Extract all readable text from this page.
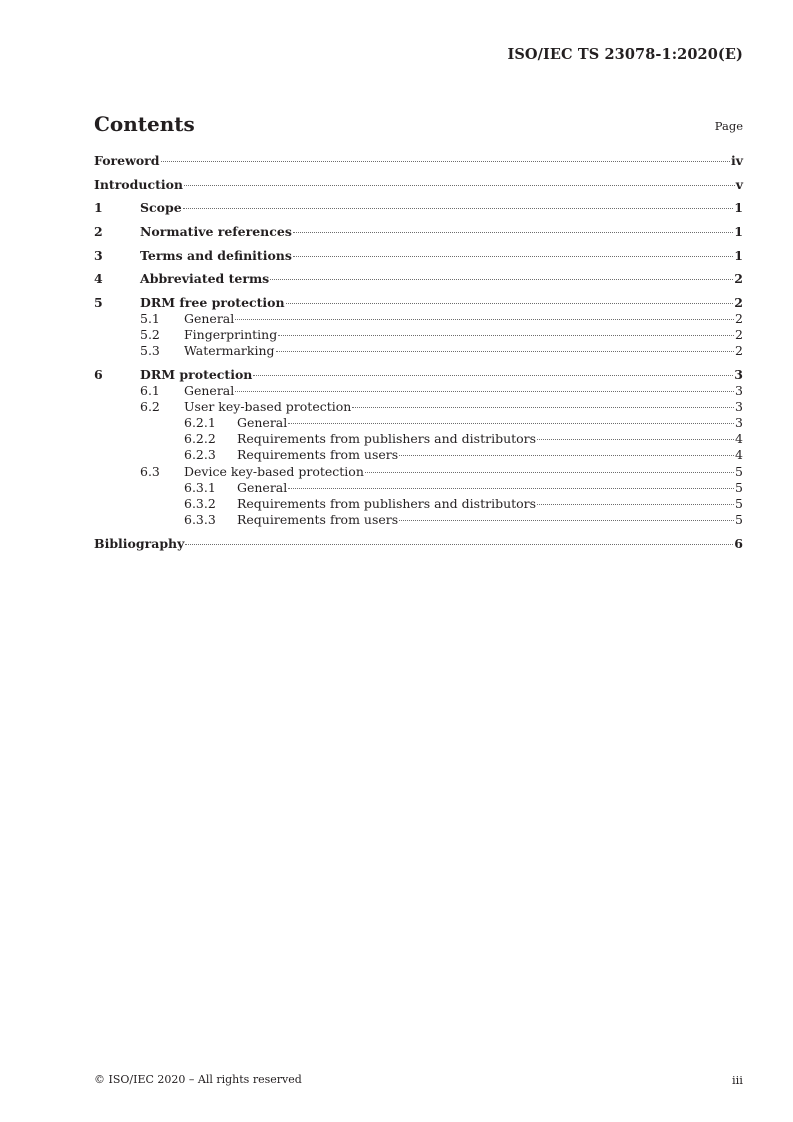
ISO/IEC TS 23078-1:2020(E)
Contents	Page
Foreword	iv
Introduction	v
1	Scope	1
2	Normative references	1
3	Terms and definitions	1
4	Abbreviated terms	2
5	DRM free protection	2
5.1	General	2
5.2	Fingerprinting	2
5.3	Watermarking	2
6	DRM protection	3
6.1	General	3
6.2	User key-based protection	3
6.2.1	General	3
6.2.2	Requirements from publishers and distributors	4
6.2.3	Requirements from users	4
6.3	Device key-based protection	5
6.3.1	General	5
6.3.2	Requirements from publishers and distributors	5
6.3.3	Requirements from users	5
Bibliography	6
© ISO/IEC 2020 – All rights reserved	iii
